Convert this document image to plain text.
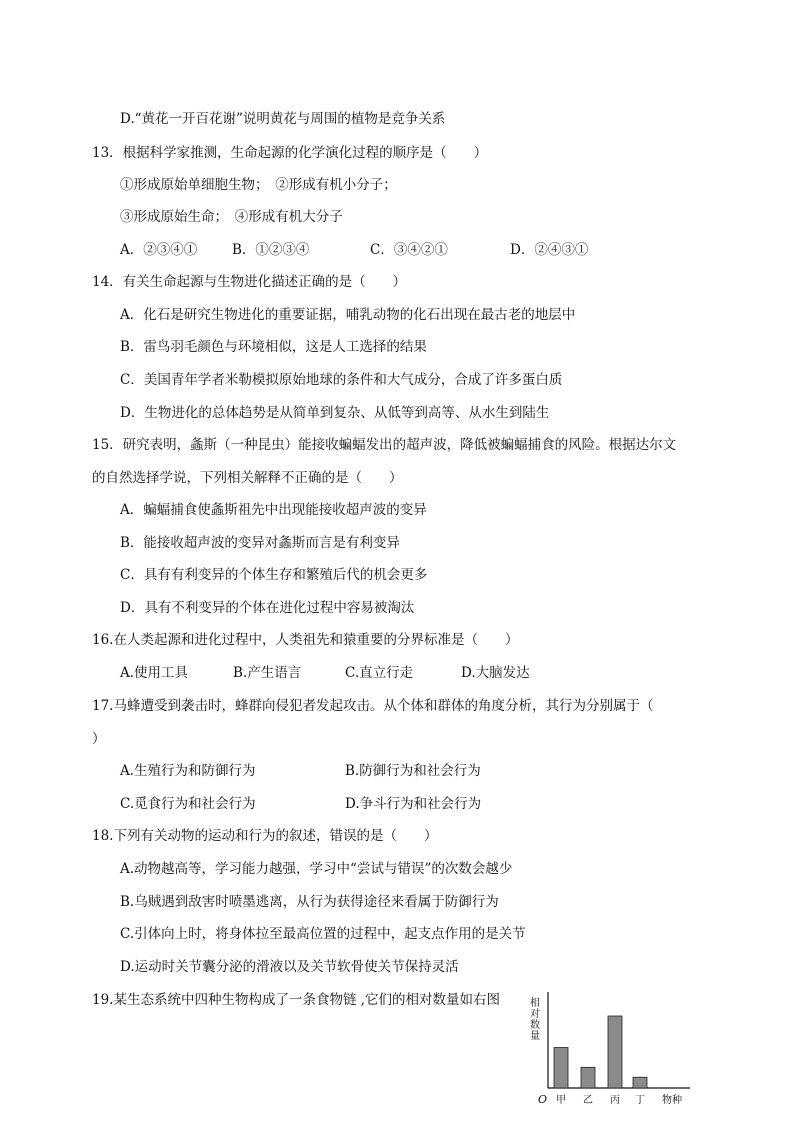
D.“黄花一开百花谢”说明黄花与周围的植物是竞争关系
13．根据科学家推测，生命起源的化学演化过程的顺序是（　　）
①形成原始单细胞生物；　②形成有机小分子；
③形成原始生命；　④形成有机大分子
A．②③④①	B．①②③④	C．③④②①	D．②④③①
14．有关生命起源与生物进化描述正确的是（　　）
A．化石是研究生物进化的重要证据，哺乳动物的化石出现在最古老的地层中
B．雷鸟羽毛颜色与环境相似，这是人工选择的结果
C．美国青年学者米勒模拟原始地球的条件和大气成分，合成了许多蛋白质
D．生物进化的总体趋势是从简单到复杂、从低等到高等、从水生到陆生
15．研究表明，螽斯（一种昆虫）能接收蝙蝠发出的超声波，降低被蝙蝠捕食的风险。根据达尔文
的自然选择学说，下列相关解释不正确的是（　　）
A．蝙蝠捕食使螽斯祖先中出现能接收超声波的变异
B．能接收超声波的变异对螽斯而言是有利变异
C．具有有利变异的个体生存和繁殖后代的机会更多
D．具有不利变异的个体在进化过程中容易被淘汰
16.在人类起源和进化过程中，人类祖先和猿重要的分界标准是（　　）
A.使用工具	B.产生语言	C.直立行走	D.大脑发达
17.马蜂遭受到袭击时，蜂群向侵犯者发起攻击。从个体和群体的角度分析，其行为分别属于（
）
A.生殖行为和防御行为	B.防御行为和社会行为
C.觅食行为和社会行为	D.争斗行为和社会行为
18.下列有关动物的运动和行为的叙述，错误的是（　　）
A.动物越高等，学习能力越强，学习中“尝试与错误”的次数会越少
B.乌贼遇到敌害时喷墨逃离，从行为获得途径来看属于防御行为
C.引体向上时，将身体拉至最高位置的过程中，起支点作用的是关节
D.运动时关节囊分泌的滑液以及关节软骨使关节保持灵活
19.某生态系统中四种生物构成了一条食物链 ,它们的相对数量如右图	相对数量
O 甲 乙 丙 丁 物种
